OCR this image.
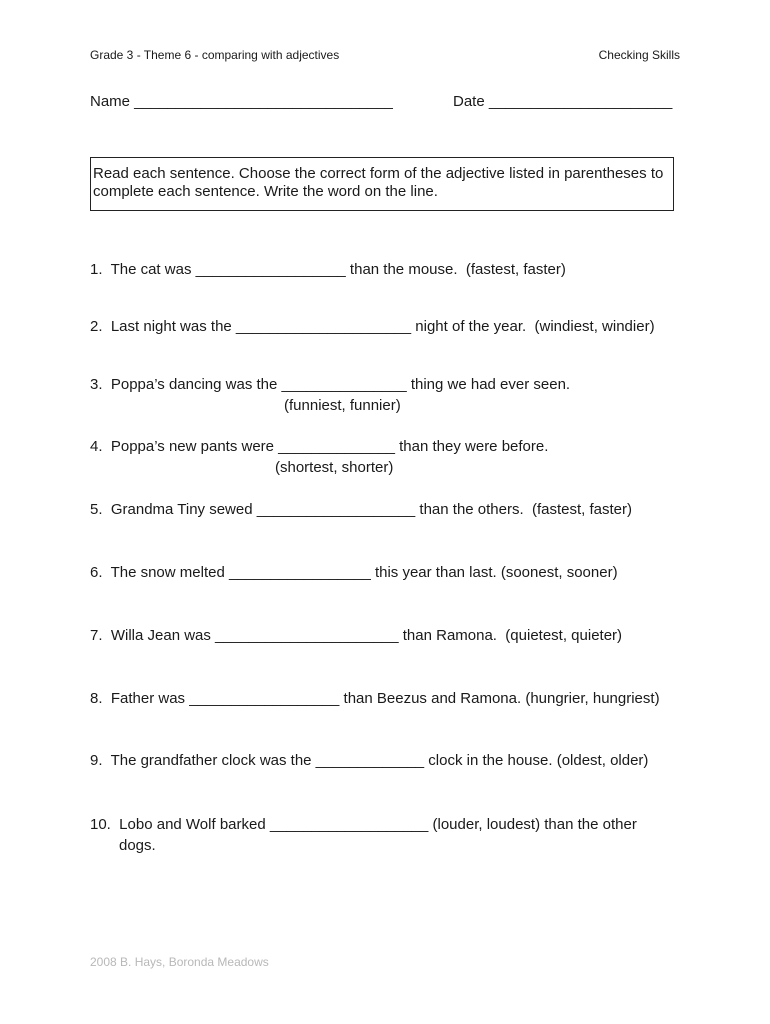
Grade 3 - Theme 6 - comparing with adjectives	Checking Skills
Name _______________________________	Date ______________________
Read each sentence. Choose the correct form of the adjective listed in parentheses to complete each sentence. Write the word on the line.
1.  The cat was __________________ than the mouse.  (fastest, faster)
2.  Last night was the _____________________ night of the year.  (windiest, windier)
3.  Poppa’s dancing was the _______________ thing we had ever seen.
(funniest, funnier)
4.  Poppa’s new pants were ______________ than they were before.
(shortest, shorter)
5.  Grandma Tiny sewed ___________________ than the others.  (fastest, faster)
6.  The snow melted _________________ this year than last. (soonest, sooner)
7.  Willa Jean was ______________________ than Ramona.  (quietest, quieter)
8.  Father was __________________ than Beezus and Ramona. (hungrier, hungriest)
9.  The grandfather clock was the _____________ clock in the house. (oldest, older)
10.  Lobo and Wolf barked ___________________ (louder, loudest) than the other
dogs.
2008 B. Hays, Boronda Meadows
